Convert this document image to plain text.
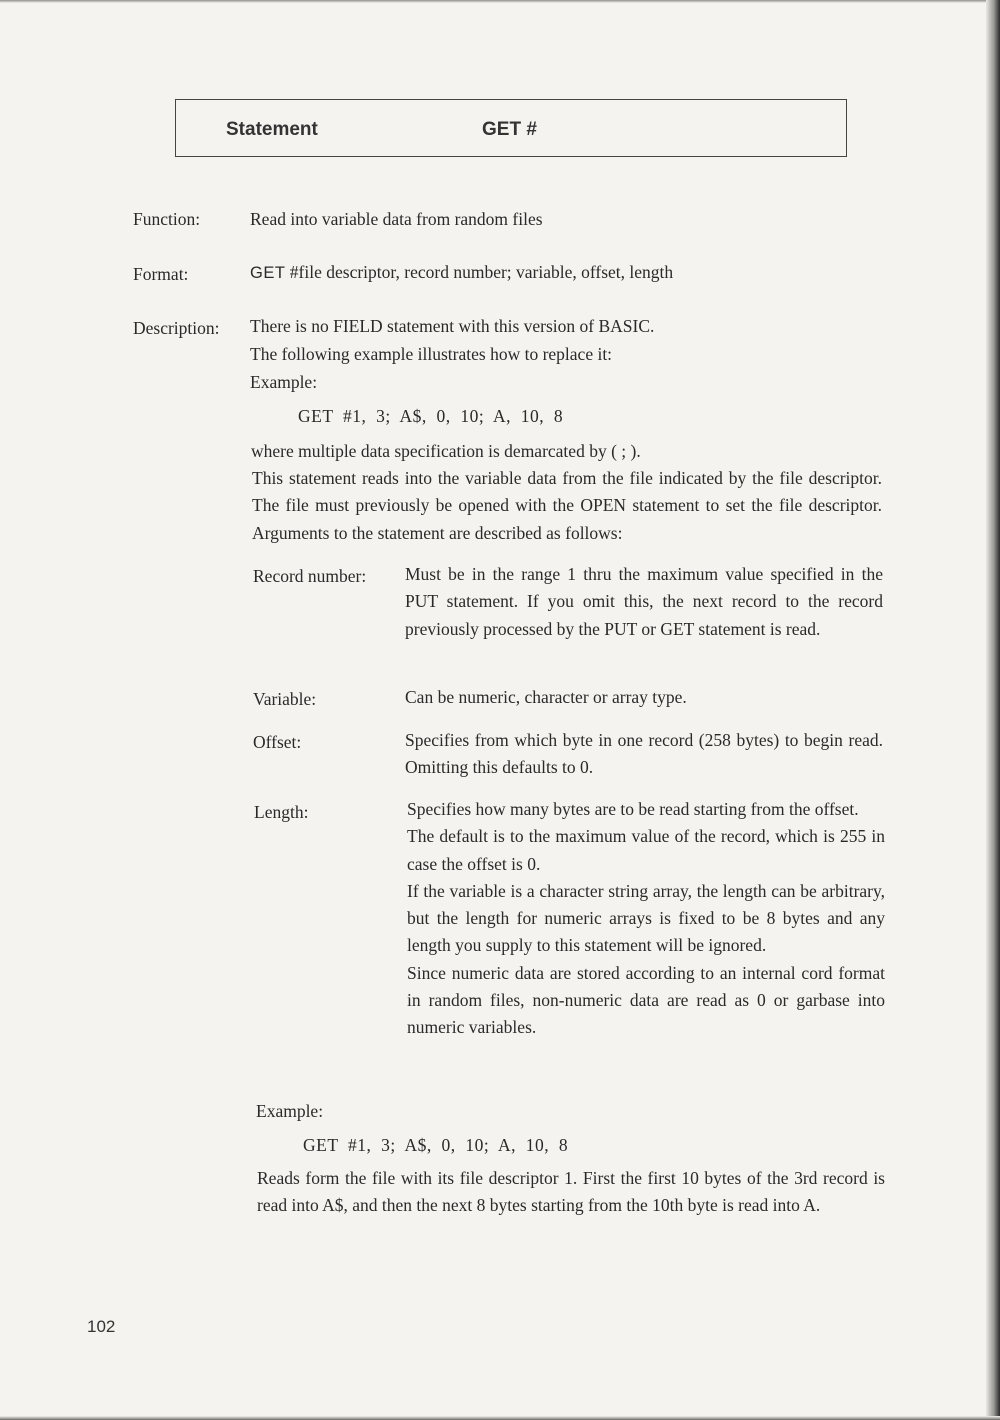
Statement	GET #
Function:	Read into variable data from random files
Format:	GET #file descriptor, record number; variable, offset, length
Description: There is no FIELD statement with this version of BASIC.
The following example illustrates how to replace it:
Example:
GET  #1,  3;  A$,  0,  10;  A,  10,  8
where multiple data specification is demarcated by ( ; ).

This statement reads into the variable data from the file indicated by the file descriptor. The file must previously be opened with the OPEN statement to set the file descriptor. Arguments to the statement are described as follows:

Record number: Must be in the range 1 thru the maximum value specified in the PUT statement. If you omit this, the next record to the record previously processed by the PUT or GET statement is read.

Variable:	Can be numeric, character or array type.

Offset:	Specifies from which byte in one record (258 bytes) to begin read. Omitting this defaults to 0.

Length:	Specifies how many bytes are to be read starting from the offset.

The default is to the maximum value of the record, which is 255 in case the offset is 0.

If the variable is a character string array, the length can be arbitrary, but the length for numeric arrays is fixed to be 8 bytes and any length you supply to this statement will be ignored.

Since numeric data are stored according to an internal cord format in random files, non-numeric data are read as 0 or garbase into numeric variables.

Example:
GET  #1,  3;  A$,  0,  10;  A,  10,  8

Reads form the file with its file descriptor 1. First the first 10 bytes of the 3rd record is read into A$, and then the next 8 bytes starting from the 10th byte is read into A.

102
